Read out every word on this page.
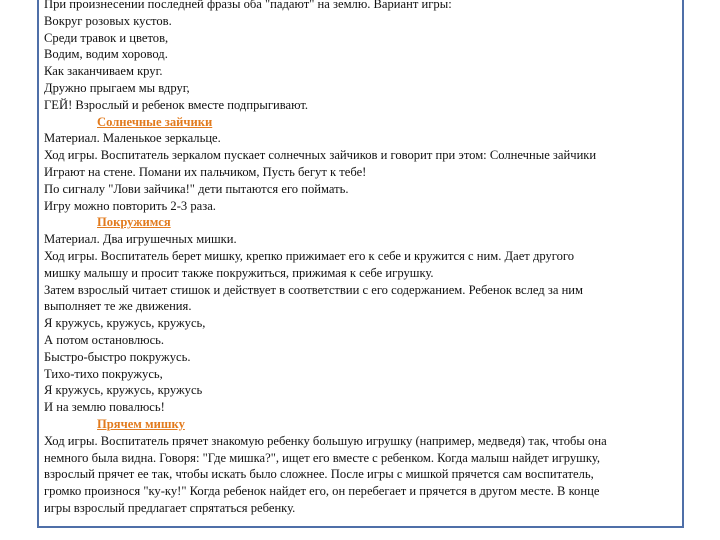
При произнесении последней фразы оба "падают" на землю. Вариант игры:
Вокруг розовых кустов.
Среди травок и цветов,
Водим, водим хоровод.
Как заканчиваем круг.
Дружно прыгаем мы вдруг,
ГЕЙ! Взрослый и ребенок вместе подпрыгивают.
Солнечные зайчики
Материал. Маленькое зеркальце.
Ход игры. Воспитатель зеркалом пускает солнечных зайчиков и говорит при этом: Солнечные зайчики
Играют на стене. Помани их пальчиком, Пусть бегут к тебе!
По сигналу "Лови зайчика!" дети пытаются его поймать.
Игру можно повторить 2-3 раза.
Покружимся
Материал. Два игрушечных мишки.
Ход игры. Воспитатель берет мишку, крепко прижимает его к себе и кружится с ним. Дает другого
мишку малышу и просит также покружиться, прижимая к себе игрушку.
Затем взрослый читает стишок и действует в соответствии с его содержанием. Ребенок вслед за ним
выполняет те же движения.
Я кружусь, кружусь, кружусь,
А потом остановлюсь.
Быстро-быстро покружусь.
Тихо-тихо покружусь,
Я кружусь, кружусь, кружусь
И на землю повалюсь!
Прячем мишку
Ход игры. Воспитатель прячет знакомую ребенку большую игрушку (например, медведя) так, чтобы она
немного была видна. Говоря: "Где мишка?", ищет его вместе с ребенком. Когда малыш найдет игрушку,
взрослый прячет ее так, чтобы искать было сложнее. После игры с мишкой прячется сам воспитатель,
громко произнося "ку-ку!" Когда ребенок найдет его, он перебегает и прячется в другом месте. В конце
игры взрослый предлагает спрятаться ребенку.
